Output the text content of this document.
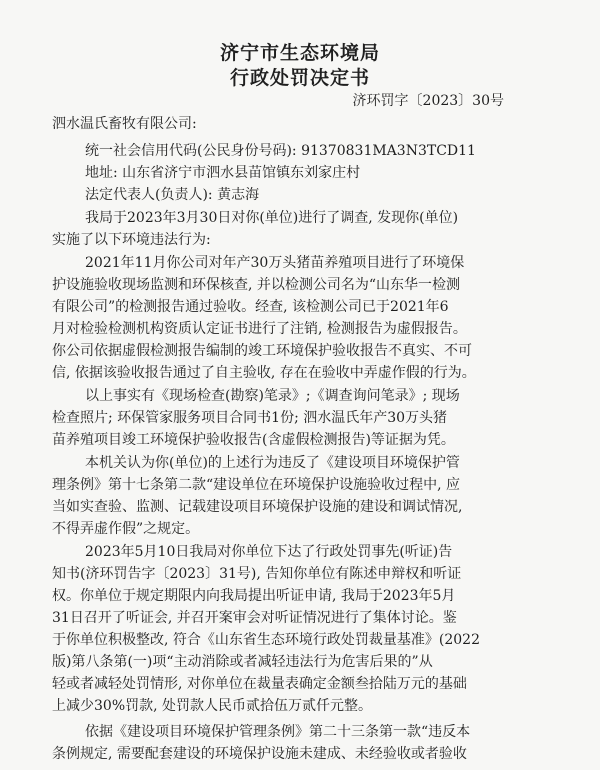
济宁市生态环境局
行政处罚决定书
济环罚字〔2023〕30号
泗水温氏畜牧有限公司:
统一社会信用代码(公民身份号码): 91370831MA3N3TCD11
地址: 山东省济宁市泗水县苗馆镇东刘家庄村
法定代表人(负责人): 黄志海
我局于2023年3月30日对你(单位)进行了调查, 发现你(单位)
实施了以下环境违法行为:
2021年11月你公司对年产30万头猪苗养殖项目进行了环境保
护设施验收现场监测和环保核查, 并以检测公司名为“山东华一检测
有限公司”的检测报告通过验收。经查, 该检测公司已于2021年6
月对检验检测机构资质认定证书进行了注销, 检测报告为虚假报告。
你公司依据虚假检测报告编制的竣工环境保护验收报告不真实、不可
信, 依据该验收报告通过了自主验收, 存在在验收中弄虚作假的行为。
以上事实有《现场检查(勘察)笔录》;《调查询问笔录》; 现场
检查照片; 环保管家服务项目合同书1份; 泗水温氏年产30万头猪
苗养殖项目竣工环境保护验收报告(含虚假检测报告)等证据为凭。
本机关认为你(单位)的上述行为违反了《建设项目环境保护管
理条例》第十七条第二款“建设单位在环境保护设施验收过程中, 应
当如实查验、监测、记载建设项目环境保护设施的建设和调试情况,
不得弄虚作假”之规定。
2023年5月10日我局对你单位下达了行政处罚事先(听证)告
知书(济环罚告字〔2023〕31号), 告知你单位有陈述申辩权和听证
权。你单位于规定期限内向我局提出听证申请, 我局于2023年5月
31日召开了听证会, 并召开案审会对听证情况进行了集体讨论。鉴
于你单位积极整改, 符合《山东省生态环境行政处罚裁量基准》(2022
版)第八条第(一)项“主动消除或者减轻违法行为危害后果的”从
轻或者减轻处罚情形, 对你单位在裁量表确定金额叁拾陆万元的基础
上减少30%罚款, 处罚款人民币贰拾伍万贰仟元整。
依据《建设项目环境保护管理条例》第二十三条第一款“违反本
条例规定, 需要配套建设的环境保护设施未建成、未经验收或者验收
